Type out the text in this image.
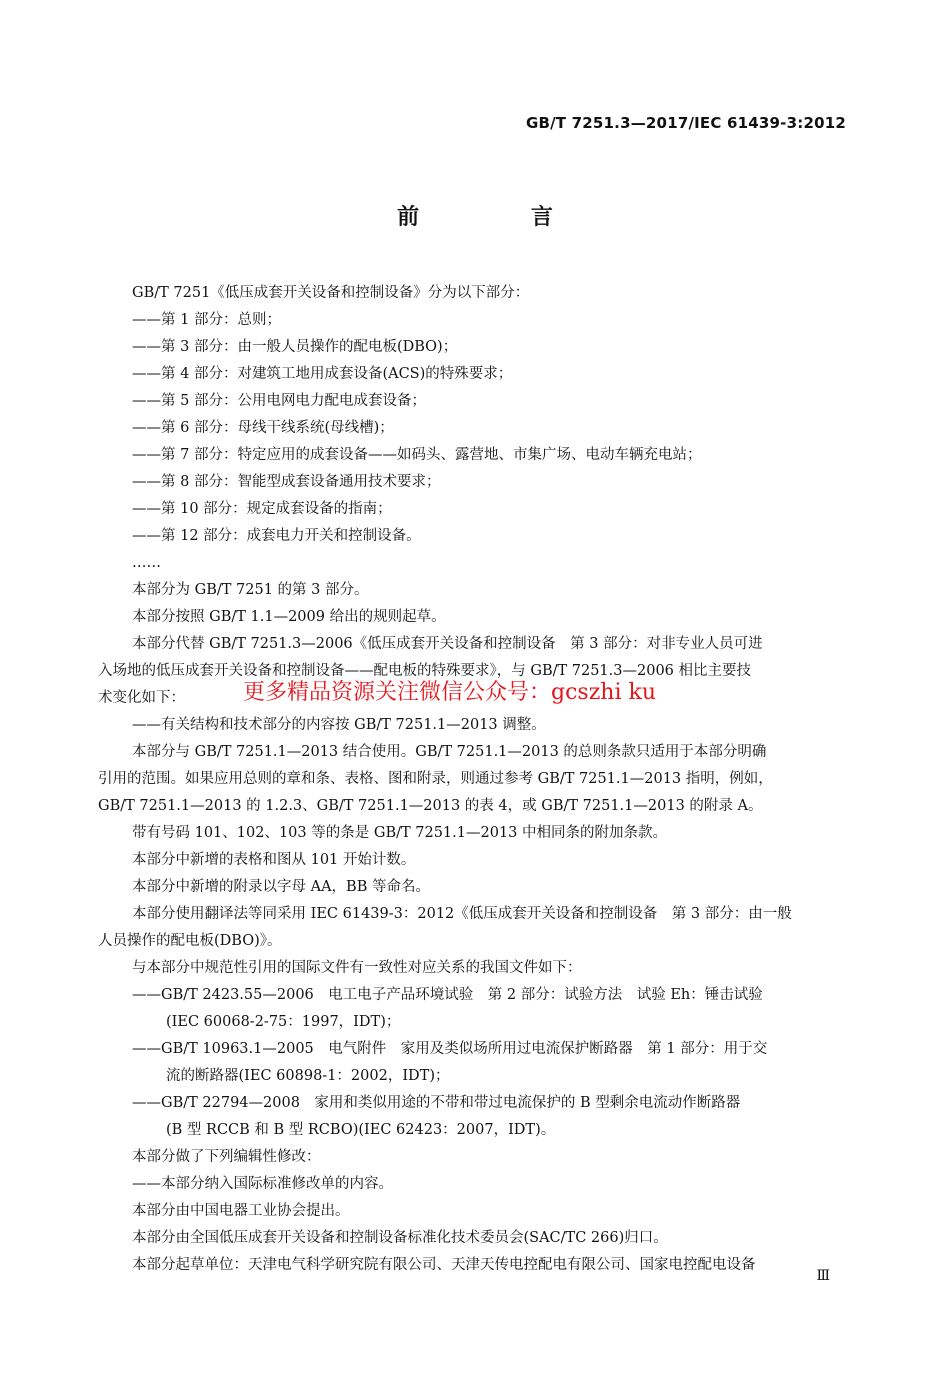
GB/T 7251.3—2017/IEC 61439-3:2012
前 言

GB/T 7251《低压成套开关设备和控制设备》分为以下部分：

——第 1 部分：总则；

——第 3 部分：由一般人员操作的配电板(DBO)；

——第 4 部分：对建筑工地用成套设备(ACS)的特殊要求；

——第 5 部分：公用电网电力配电成套设备；

——第 6 部分：母线干线系统(母线槽)；

——第 7 部分：特定应用的成套设备——如码头、露营地、市集广场、电动车辆充电站；

——第 8 部分：智能型成套设备通用技术要求；

——第 10 部分：规定成套设备的指南；

——第 12 部分：成套电力开关和控制设备。

……

本部分为 GB/T 7251 的第 3 部分。

本部分按照 GB/T 1.1—2009 给出的规则起草。

本部分代替 GB/T 7251.3—2006《低压成套开关设备和控制设备　第 3 部分：对非专业人员可进

入场地的低压成套开关设备和控制设备——配电板的特殊要求》，与 GB/T 7251.3—2006 相比主要技

术变化如下：	更多精品资源关注微信公众号：gcszhi ku

——有关结构和技术部分的内容按 GB/T 7251.1—2013 调整。

本部分与 GB/T 7251.1—2013 结合使用。GB/T 7251.1—2013 的总则条款只适用于本部分明确

引用的范围。如果应用总则的章和条、表格、图和附录，则通过参考 GB/T 7251.1—2013 指明，例如，

GB/T 7251.1—2013 的 1.2.3、GB/T 7251.1—2013 的表 4，或 GB/T 7251.1—2013 的附录 A。

带有号码 101、102、103 等的条是 GB/T 7251.1—2013 中相同条的附加条款。

本部分中新增的表格和图从 101 开始计数。

本部分中新增的附录以字母 AA，BB 等命名。

本部分使用翻译法等同采用 IEC 61439-3：2012《低压成套开关设备和控制设备　第 3 部分：由一般

人员操作的配电板(DBO)》。

与本部分中规范性引用的国际文件有一致性对应关系的我国文件如下：

——GB/T 2423.55—2006　电工电子产品环境试验　第 2 部分：试验方法　试验 Eh：锤击试验

(IEC 60068-2-75：1997，IDT)；

——GB/T 10963.1—2005　电气附件　家用及类似场所用过电流保护断路器　第 1 部分：用于交

流的断路器(IEC 60898-1：2002，IDT)；

——GB/T 22794—2008　家用和类似用途的不带和带过电流保护的 B 型剩余电流动作断路器

(B 型 RCCB 和 B 型 RCBO)(IEC 62423：2007，IDT)。

本部分做了下列编辑性修改：

——本部分纳入国际标准修改单的内容。

本部分由中国电器工业协会提出。

本部分由全国低压成套开关设备和控制设备标准化技术委员会(SAC/TC 266)归口。

本部分起草单位：天津电气科学研究院有限公司、天津天传电控配电有限公司、国家电控配电设备

Ⅲ
